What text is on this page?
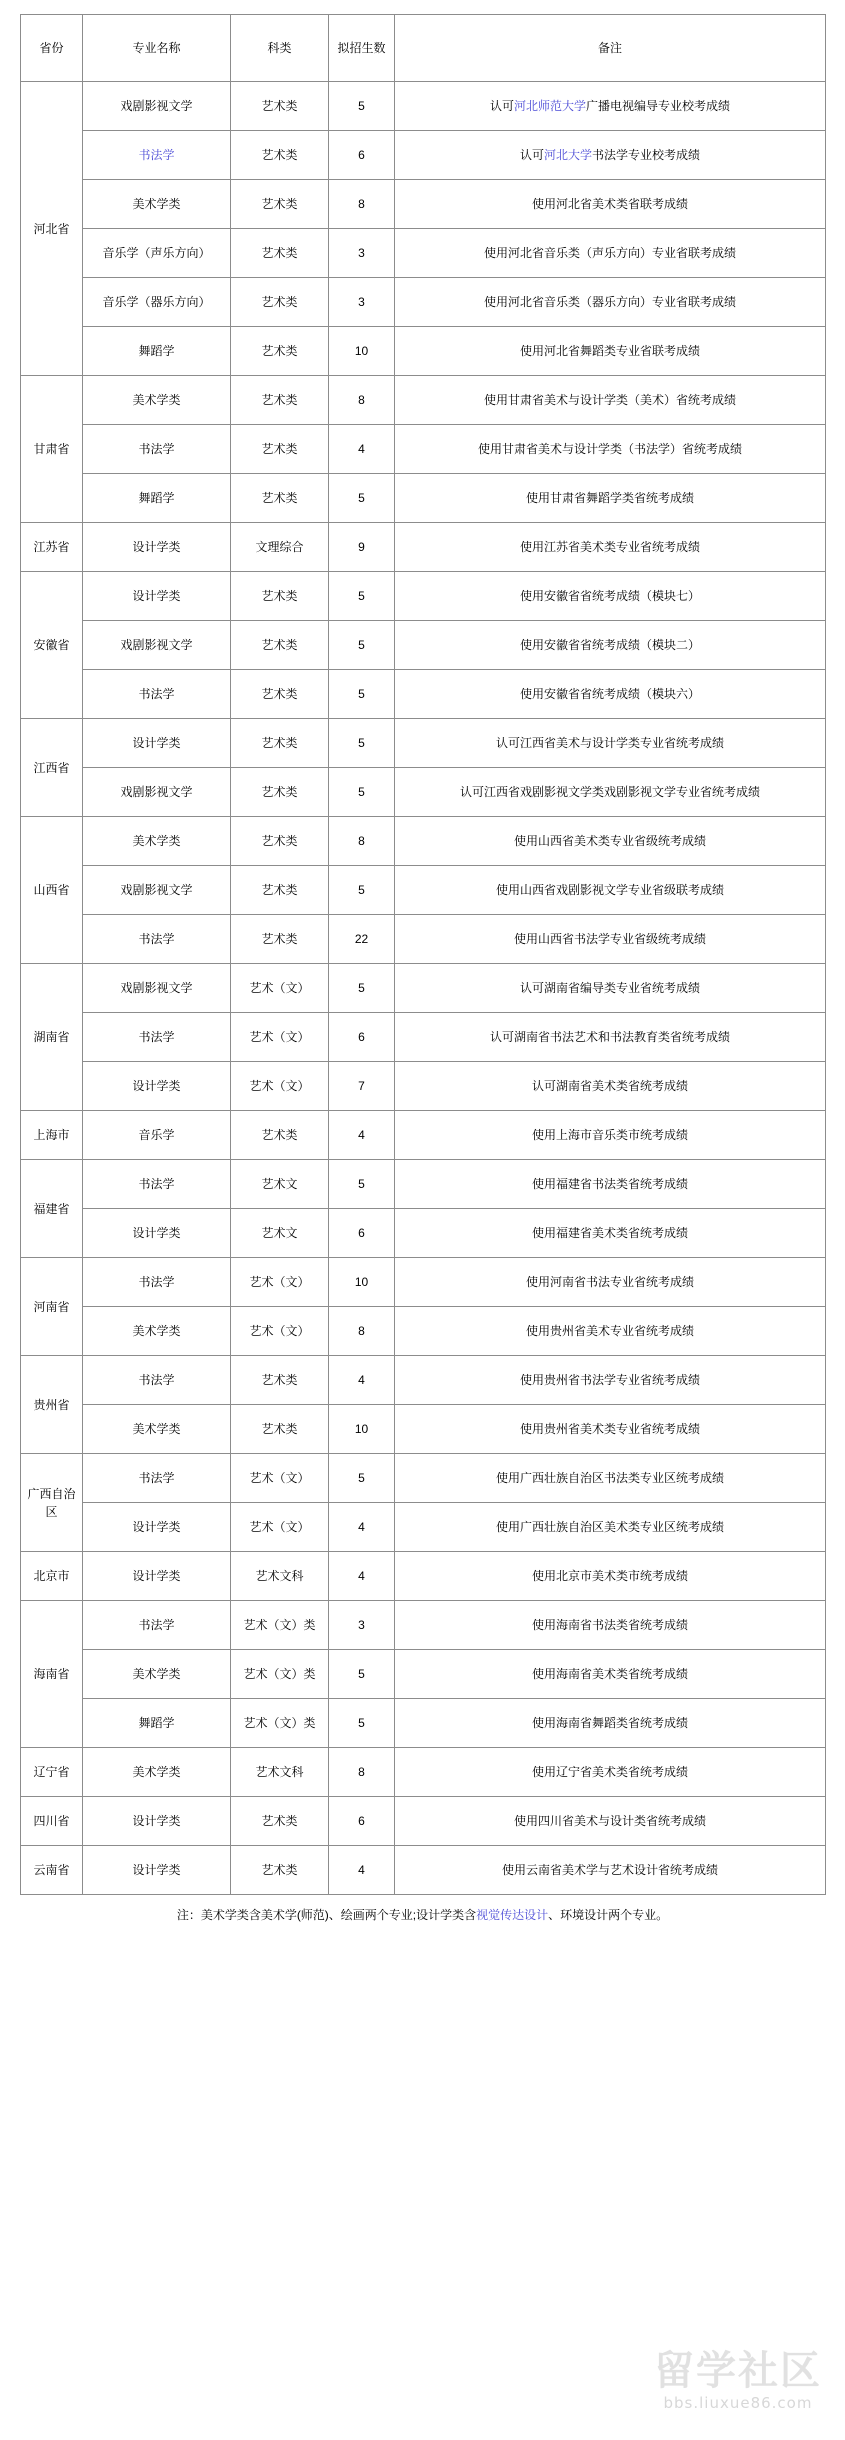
省份	专业名称	科类	拟招生数	备注
河北省	戏剧影视文学	艺术类	5	认可河北师范大学广播电视编导专业校考成绩
	书法学	艺术类	6	认可河北大学书法学专业校考成绩
	美术学类	艺术类	8	使用河北省美术类省联考成绩
	音乐学（声乐方向）	艺术类	3	使用河北省音乐类（声乐方向）专业省联考成绩
	音乐学（器乐方向）	艺术类	3	使用河北省音乐类（器乐方向）专业省联考成绩
	舞蹈学	艺术类	10	使用河北省舞蹈类专业省联考成绩
甘肃省	美术学类	艺术类	8	使用甘肃省美术与设计学类（美术）省统考成绩
	书法学	艺术类	4	使用甘肃省美术与设计学类（书法学）省统考成绩
	舞蹈学	艺术类	5	使用甘肃省舞蹈学类省统考成绩
江苏省	设计学类	文理综合	9	使用江苏省美术类专业省统考成绩
安徽省	设计学类	艺术类	5	使用安徽省省统考成绩（模块七）
	戏剧影视文学	艺术类	5	使用安徽省省统考成绩（模块二）
	书法学	艺术类	5	使用安徽省省统考成绩（模块六）
江西省	设计学类	艺术类	5	认可江西省美术与设计学类专业省统考成绩
	戏剧影视文学	艺术类	5	认可江西省戏剧影视文学类戏剧影视文学专业省统考成绩
山西省	美术学类	艺术类	8	使用山西省美术类专业省级统考成绩
	戏剧影视文学	艺术类	5	使用山西省戏剧影视文学专业省级联考成绩
	书法学	艺术类	22	使用山西省书法学专业省级统考成绩
湖南省	戏剧影视文学	艺术（文）	5	认可湖南省编导类专业省统考成绩
	书法学	艺术（文）	6	认可湖南省书法艺术和书法教育类省统考成绩
	设计学类	艺术（文）	7	认可湖南省美术类省统考成绩
上海市	音乐学	艺术类	4	使用上海市音乐类市统考成绩
福建省	书法学	艺术文	5	使用福建省书法类省统考成绩
	设计学类	艺术文	6	使用福建省美术类省统考成绩
河南省	书法学	艺术（文）	10	使用河南省书法专业省统考成绩
	美术学类	艺术（文）	8	使用贵州省美术专业省统考成绩
贵州省	书法学	艺术类	4	使用贵州省书法学专业省统考成绩
	美术学类	艺术类	10	使用贵州省美术类专业省统考成绩
广西自治区	书法学	艺术（文）	5	使用广西壮族自治区书法类专业区统考成绩
	设计学类	艺术（文）	4	使用广西壮族自治区美术类专业区统考成绩
北京市	设计学类	艺术文科	4	使用北京市美术类市统考成绩
海南省	书法学	艺术（文）类	3	使用海南省书法类省统考成绩
	美术学类	艺术（文）类	5	使用海南省美术类省统考成绩
	舞蹈学	艺术（文）类	5	使用海南省舞蹈类省统考成绩
辽宁省	美术学类	艺术文科	8	使用辽宁省美术类省统考成绩
四川省	设计学类	艺术类	6	使用四川省美术与设计类省统考成绩
云南省	设计学类	艺术类	4	使用云南省美术学与艺术设计省统考成绩
注：美术学类含美术学(师范)、绘画两个专业;设计学类含视觉传达设计、环境设计两个专业。
留学社区
bbs.liuxue86.com
